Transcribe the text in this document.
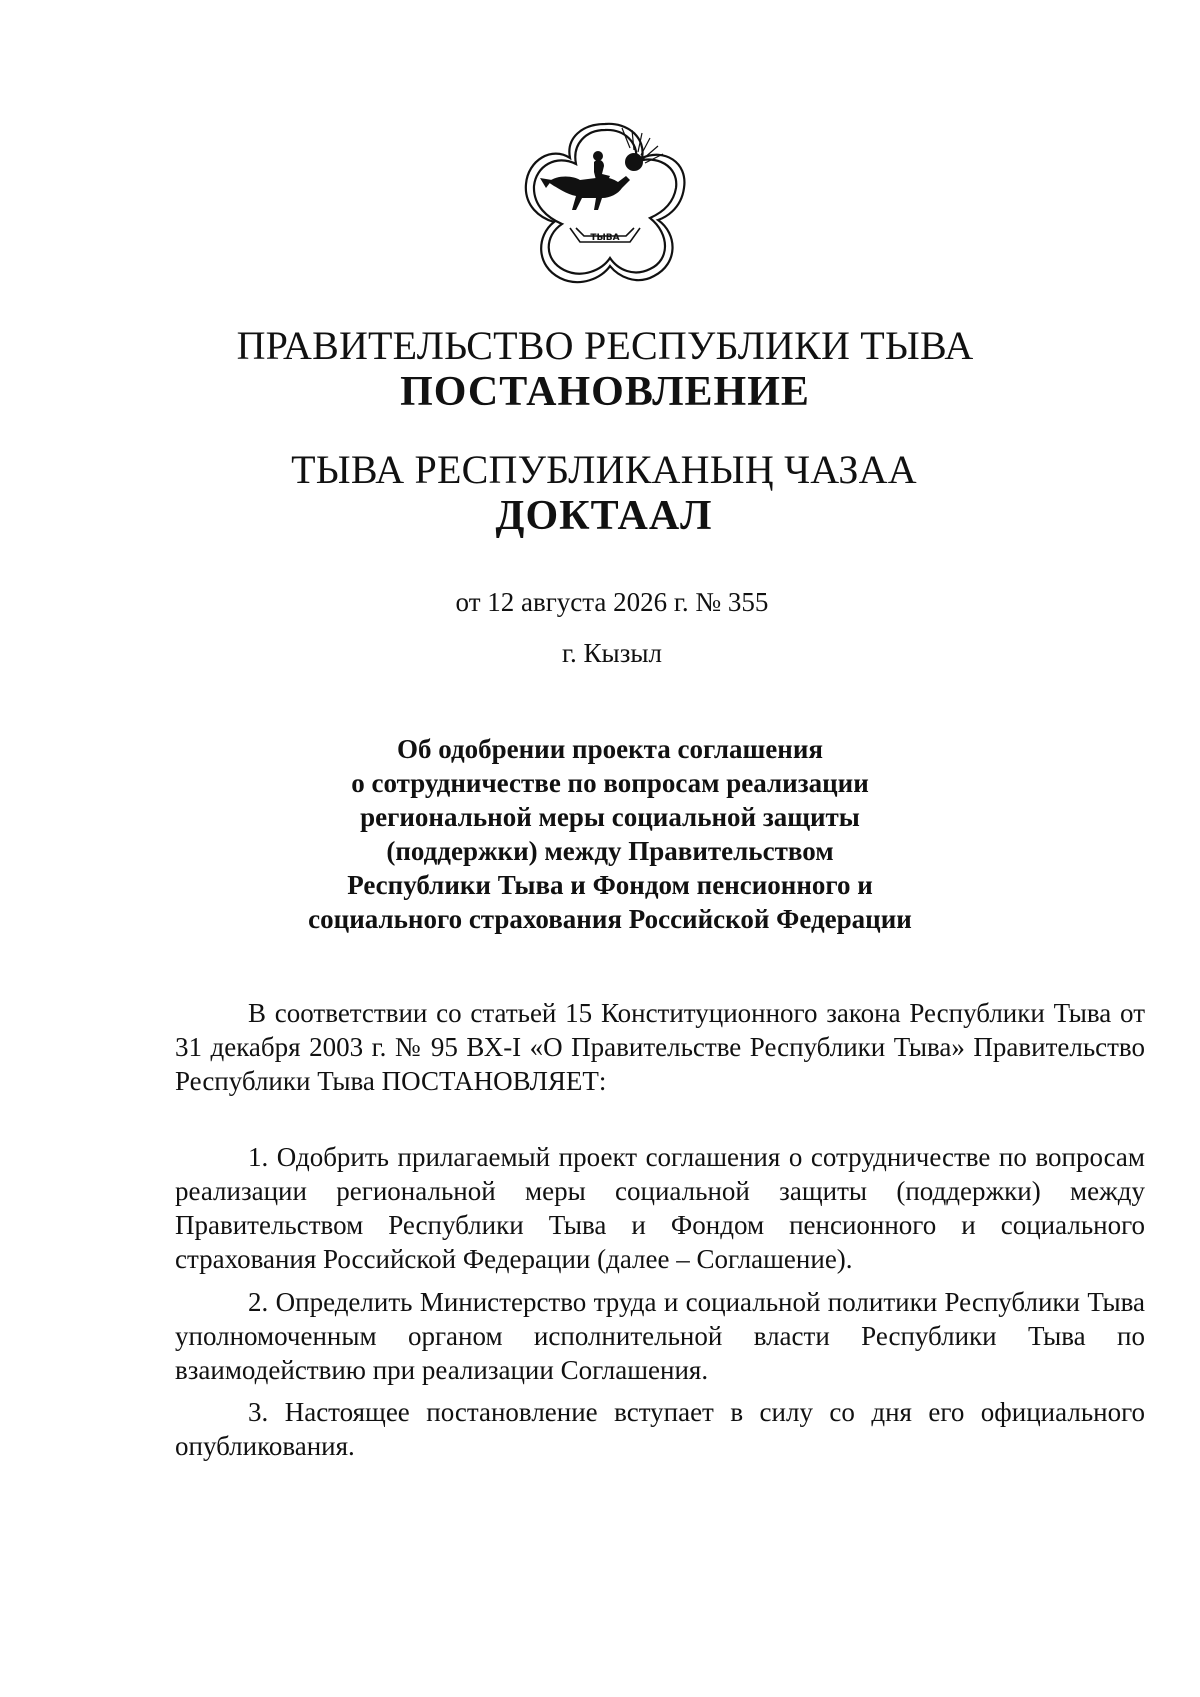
ТЫВА
ПРАВИТЕЛЬСТВО РЕСПУБЛИКИ ТЫВА
ПОСТАНОВЛЕНИЕ
ТЫВА РЕСПУБЛИКАНЫҢ ЧАЗАА
ДОКТААЛ
от 12 августа 2026 г. № 355
г. Кызыл
Об одобрении проекта соглашения
о сотрудничестве по вопросам реализации
региональной меры социальной защиты
(поддержки) между Правительством
Республики Тыва и Фондом пенсионного и
социального страхования Российской Федерации

В соответствии со статьей 15 Конституционного закона Республики Тыва от 31 декабря 2003 г. № 95 ВХ-I «О Правительстве Республики Тыва» Правительство Республики Тыва ПОСТАНОВЛЯЕТ:

1. Одобрить прилагаемый проект соглашения о сотрудничестве по вопросам реализации региональной меры социальной защиты (поддержки) между Правительством Республики Тыва и Фондом пенсионного и социального страхования Российской Федерации (далее – Соглашение).

2. Определить Министерство труда и социальной политики Республики Тыва уполномоченным органом исполнительной власти Республики Тыва по взаимодействию при реализации Соглашения.

3. Настоящее постановление вступает в силу со дня его официального опубликования.
